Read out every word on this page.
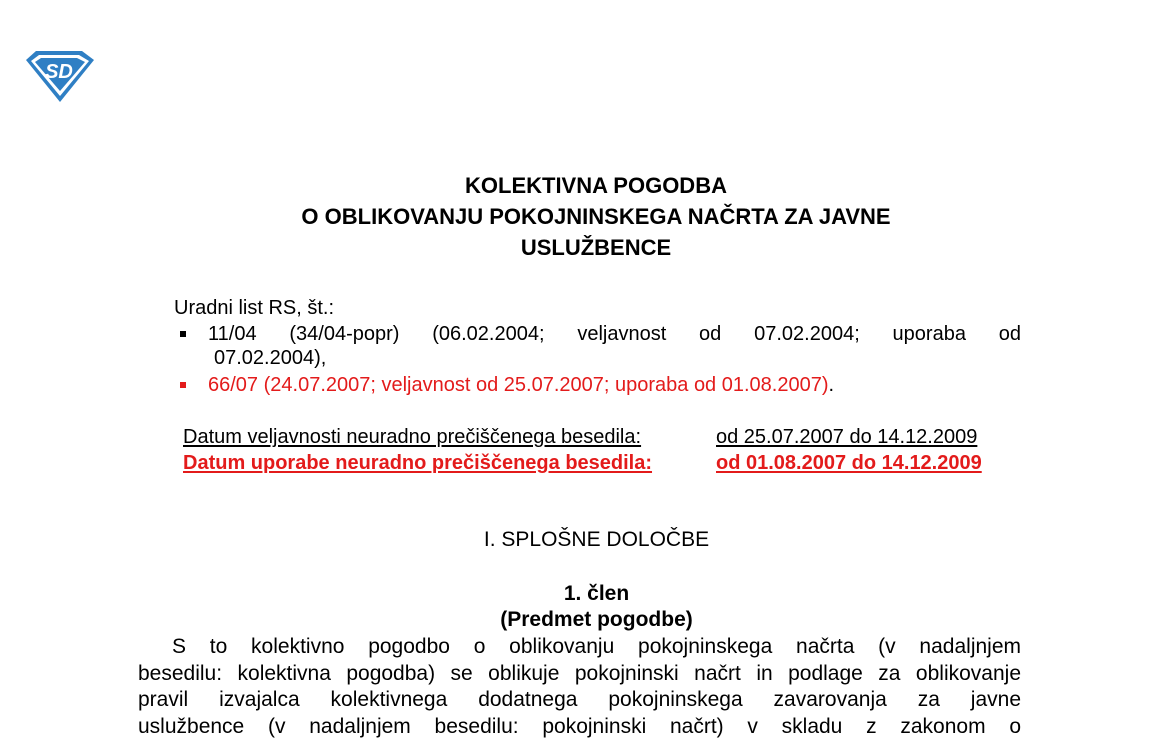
SD
KOLEKTIVNA POGODBA
O OBLIKOVANJU POKOJNINSKEGA NAČRTA ZA JAVNE
USLUŽBENCE
Uradni list RS, št.:
11/04 (34/04-popr) (06.02.2004; veljavnost od 07.02.2004; uporaba od
07.02.2004),
66/07 (24.07.2007; veljavnost od 25.07.2007; uporaba od 01.08.2007).
Datum veljavnosti neuradno prečiščenega besedila:	od 25.07.2007 do 14.12.2009
Datum uporabe neuradno prečiščenega besedila:	od 01.08.2007 do 14.12.2009
I. SPLOŠNE DOLOČBE
1. člen
(Predmet pogodbe)
S to kolektivno pogodbo o oblikovanju pokojninskega načrta (v nadaljnjem
besedilu: kolektivna pogodba) se oblikuje pokojninski načrt in podlage za oblikovanje
pravil izvajalca kolektivnega dodatnega pokojninskega zavarovanja za javne
uslužbence (v nadaljnjem besedilu: pokojninski načrt) v skladu z zakonom o
